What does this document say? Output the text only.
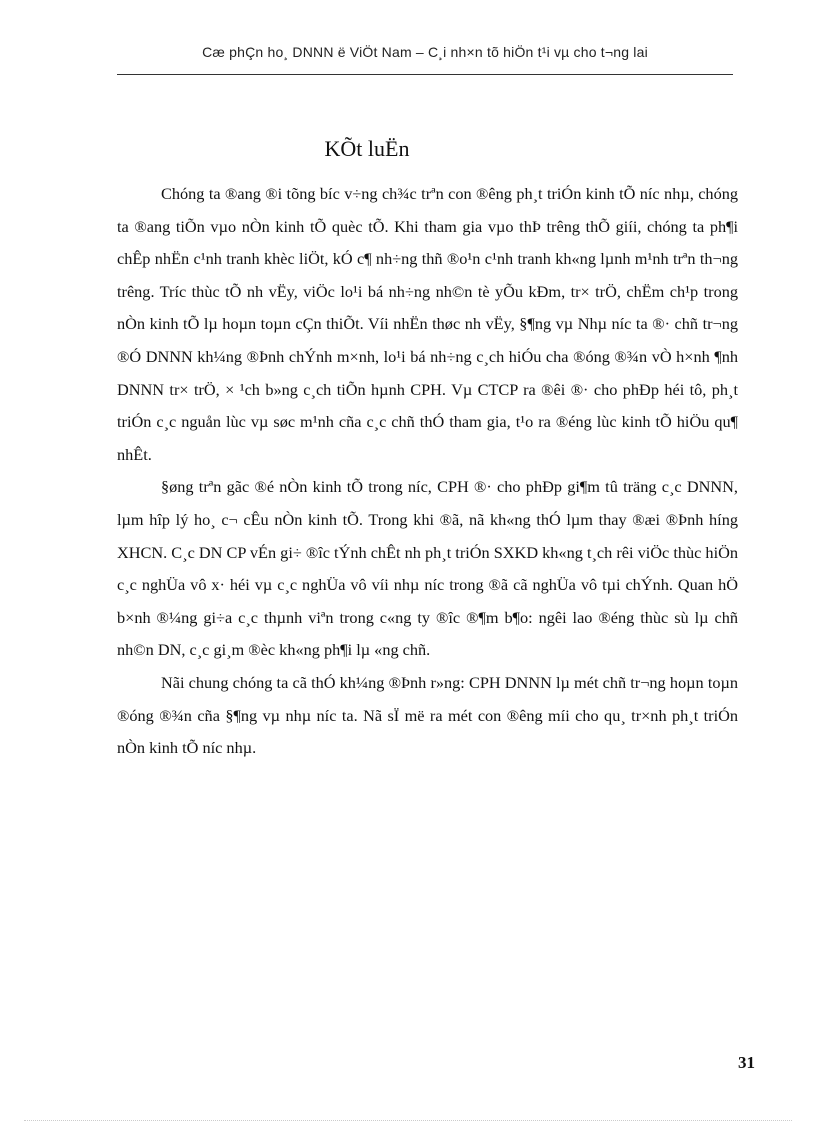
Cæ phÇn ho¸ DNNN ë ViÖt Nam – C¸i nh×n tõ hiÖn t¹i vµ cho t¬ng lai
KÕt luËn

Chóng ta ®ang ®i tõng bíc v÷ng ch¾c trªn con ®êng ph¸t triÓn kinh tÕ níc nhµ, chóng ta ®ang tiÕn vµo nÒn kinh tÕ quèc tÕ. Khi tham gia vµo thÞ trêng thÕ giíi, chóng ta ph¶i chÊp nhËn c¹nh tranh khèc liÖt, kÓ c¶ nh÷ng thñ ®o¹n c¹nh tranh kh«ng lµnh m¹nh trªn th¬ng trêng. Tríc thùc tÕ nh vËy, viÖc lo¹i bá nh÷ng nh©n tè yÕu kÐm, tr× trÖ, chËm ch¹p trong nÒn kinh tÕ lµ hoµn toµn cÇn thiÕt. Víi nhËn thøc nh vËy, §¶ng vµ Nhµ níc ta ®· chñ tr¬ng ®Ó DNNN kh¼ng ®Þnh chÝnh m×nh, lo¹i bá nh÷ng c¸ch hiÓu cha ®óng ®¾n vÒ h×nh ¶nh DNNN tr× trÖ, × ¹ch b»ng c¸ch tiÕn hµnh CPH. Vµ CTCP ra ®êi ®· cho phÐp héi tô, ph¸t triÓn c¸c nguån lùc vµ søc m¹nh cña c¸c chñ thÓ tham gia, t¹o ra ®éng lùc kinh tÕ hiÖu qu¶ nhÊt.

§øng trªn gãc ®é nÒn kinh tÕ trong níc, CPH ®· cho phÐp gi¶m tû träng c¸c DNNN, lµm hîp lý ho¸ c¬ cÊu nÒn kinh tÕ. Trong khi ®ã, nã kh«ng thÓ lµm thay ®æi ®Þnh híng XHCN. C¸c DN CP vÉn gi÷ ®îc tÝnh chÊt nh ph¸t triÓn SXKD kh«ng t¸ch rêi viÖc thùc hiÖn c¸c nghÜa vô x· héi vµ c¸c nghÜa vô víi nhµ níc trong ®ã cã nghÜa vô tµi chÝnh. Quan hÖ b×nh ®¼ng gi÷a c¸c thµnh viªn trong c«ng ty ®îc ®¶m b¶o: ngêi lao ®éng thùc sù lµ chñ nh©n DN, c¸c gi¸m ®èc kh«ng ph¶i lµ «ng chñ.

Nãi chung chóng ta cã thÓ kh¼ng ®Þnh r»ng: CPH DNNN lµ mét chñ tr¬ng hoµn toµn ®óng ®¾n cña §¶ng vµ nhµ níc ta. Nã sÏ më ra mét con ®êng míi cho qu¸ tr×nh ph¸t triÓn nÒn kinh tÕ níc nhµ.

31
